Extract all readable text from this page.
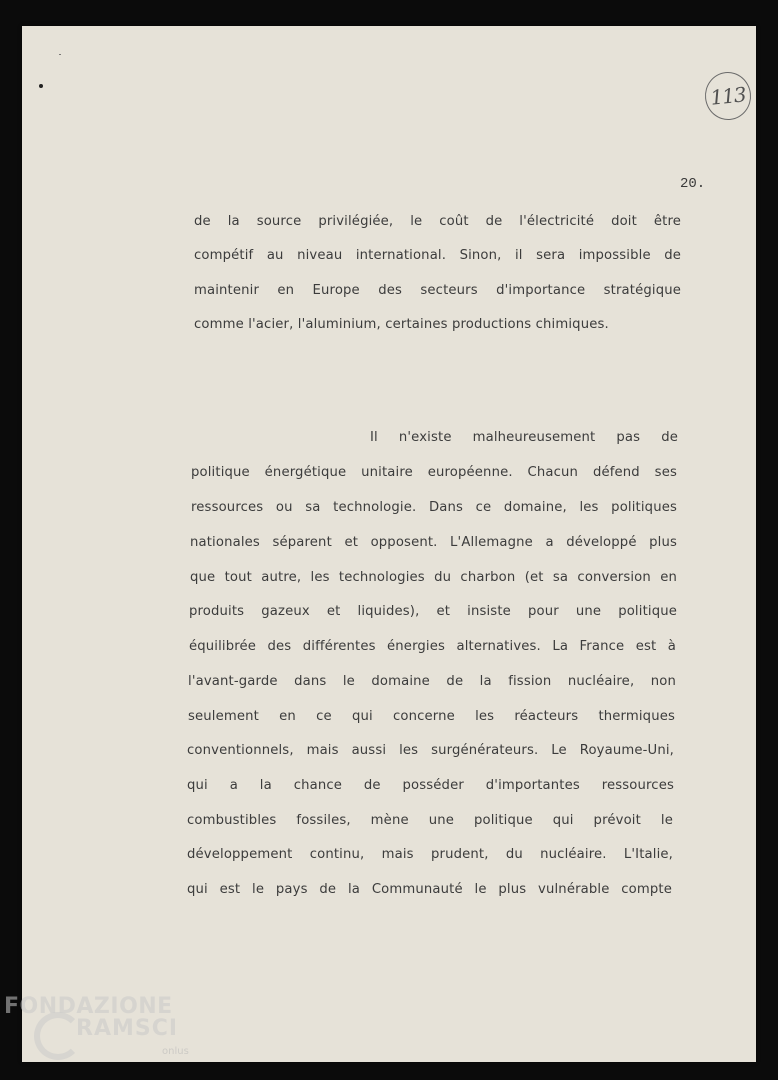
113
20.
de la source privilégiée, le coût de l'électricité doit être
compétif au niveau international. Sinon, il sera impossible de
maintenir en Europe des secteurs d'importance stratégique
comme l'acier, l'aluminium, certaines productions chimiques.
Il n'existe malheureusement pas de
politique énergétique unitaire européenne. Chacun défend ses
ressources ou sa technologie. Dans ce domaine, les politiques
nationales séparent et opposent. L'Allemagne a développé plus
que tout autre, les technologies du charbon (et sa conversion en
produits gazeux et liquides), et insiste pour une politique
équilibrée des différentes énergies alternatives. La France est à
l'avant-garde dans le domaine de la fission nucléaire, non
seulement en ce qui concerne les réacteurs thermiques
conventionnels, mais aussi les surgénérateurs. Le Royaume-Uni,
qui a la chance de posséder d'importantes ressources
combustibles fossiles, mène une politique qui prévoit le
développement continu, mais prudent, du nucléaire. L'Italie,
qui est le pays de la Communauté le plus vulnérable compte
FONDAZIONE
RAMSCI
onlus
